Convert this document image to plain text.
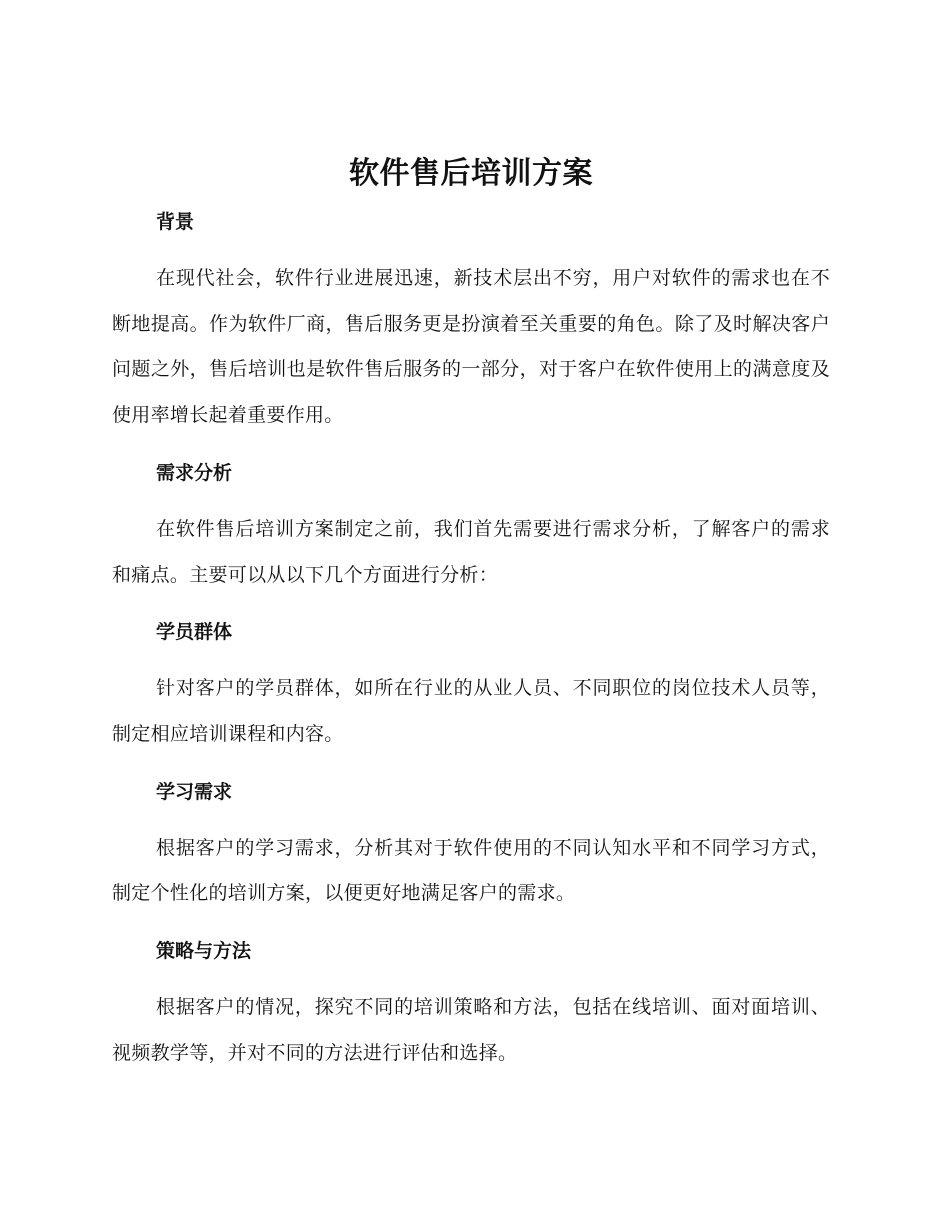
软件售后培训方案
背景

在现代社会，软件行业进展迅速，新技术层出不穷，用户对软件的需求也在不断地提高。作为软件厂商，售后服务更是扮演着至关重要的角色。除了及时解决客户问题之外，售后培训也是软件售后服务的一部分，对于客户在软件使用上的满意度及使用率增长起着重要作用。

需求分析

在软件售后培训方案制定之前，我们首先需要进行需求分析，了解客户的需求和痛点。主要可以从以下几个方面进行分析：

学员群体

针对客户的学员群体，如所在行业的从业人员、不同职位的岗位技术人员等，制定相应培训课程和内容。

学习需求

根据客户的学习需求，分析其对于软件使用的不同认知水平和不同学习方式，制定个性化的培训方案，以便更好地满足客户的需求。

策略与方法

根据客户的情况，探究不同的培训策略和方法，包括在线培训、面对面培训、视频教学等，并对不同的方法进行评估和选择。
